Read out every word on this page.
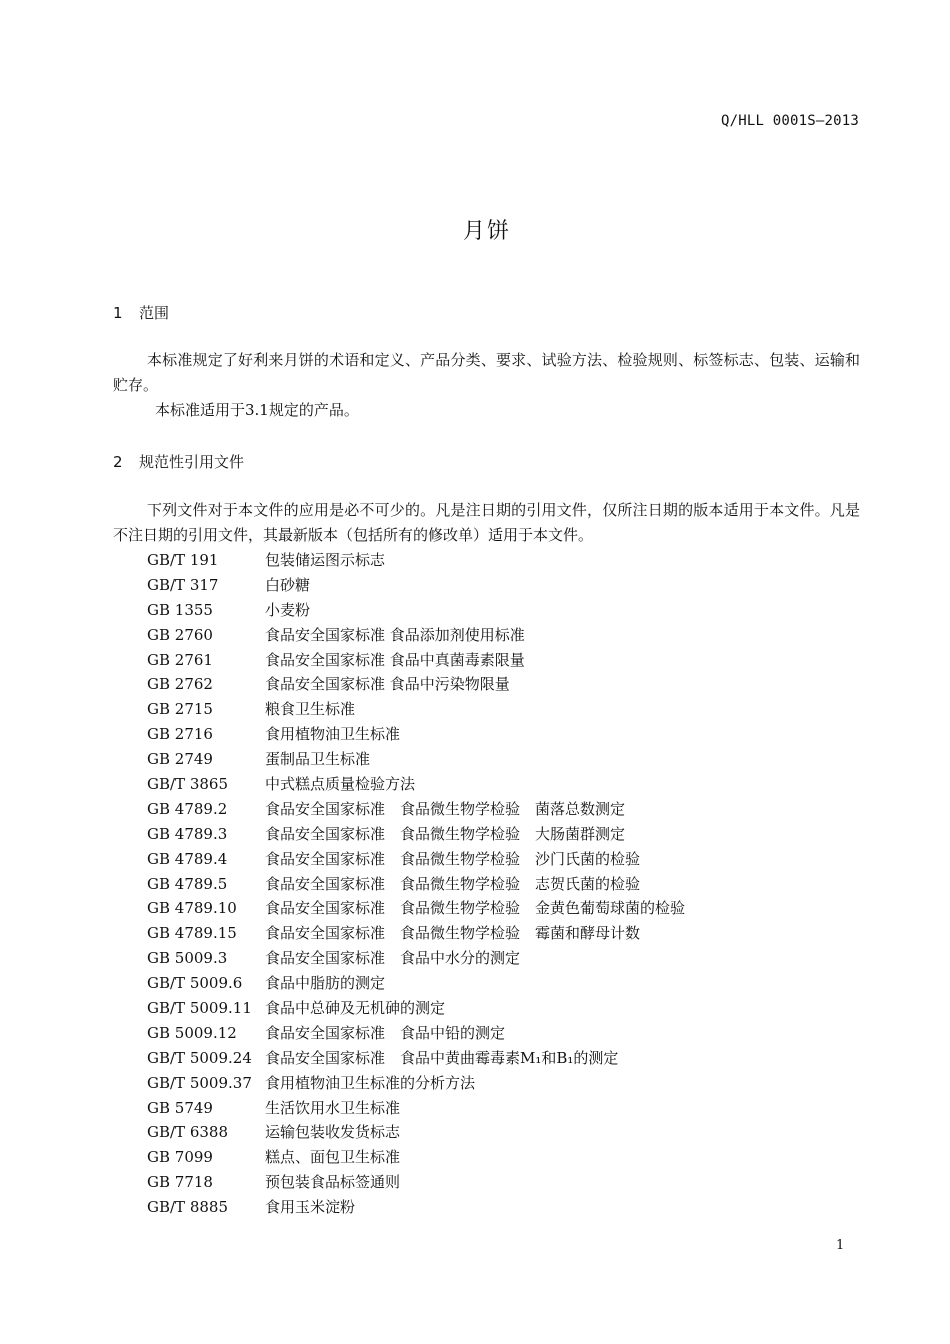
Q/HLL 0001S—2013
月饼
1 范围
本标准规定了好利来月饼的术语和定义、产品分类、要求、试验方法、检验规则、标签标志、包装、运输和贮存。
本标准适用于3.1规定的产品。
2 规范性引用文件
下列文件对于本文件的应用是必不可少的。凡是注日期的引用文件，仅所注日期的版本适用于本文件。凡是不注日期的引用文件，其最新版本（包括所有的修改单）适用于本文件。
GB/T 191	包装储运图示标志
GB/T 317	白砂糖
GB 1355	小麦粉
GB 2760	食品安全国家标准 食品添加剂使用标准
GB 2761	食品安全国家标准 食品中真菌毒素限量
GB 2762	食品安全国家标准 食品中污染物限量
GB 2715	粮食卫生标准
GB 2716	食用植物油卫生标准
GB 2749	蛋制品卫生标准
GB/T 3865 中式糕点质量检验方法
GB 4789.2	食品安全国家标准　食品微生物学检验　菌落总数测定
GB 4789.3	食品安全国家标准　食品微生物学检验　大肠菌群测定
GB 4789.4	食品安全国家标准　食品微生物学检验　沙门氏菌的检验
GB 4789.5	食品安全国家标准　食品微生物学检验　志贺氏菌的检验
GB 4789.10 食品安全国家标准　食品微生物学检验　金黄色葡萄球菌的检验
GB 4789.15 食品安全国家标准　食品微生物学检验　霉菌和酵母计数
GB 5009.3	食品安全国家标准　食品中水分的测定
GB/T 5009.6 食品中脂肪的测定
GB/T 5009.11 食品中总砷及无机砷的测定
GB 5009.12 食品安全国家标准　食品中铅的测定
GB/T 5009.24 食品安全国家标准　食品中黄曲霉毒素M₁和B₁的测定
GB/T 5009.37 食用植物油卫生标准的分析方法
GB 5749	生活饮用水卫生标准
GB/T 6388 运输包装收发货标志
GB 7099	糕点、面包卫生标准
GB 7718	预包装食品标签通则
GB/T 8885 食用玉米淀粉
1
